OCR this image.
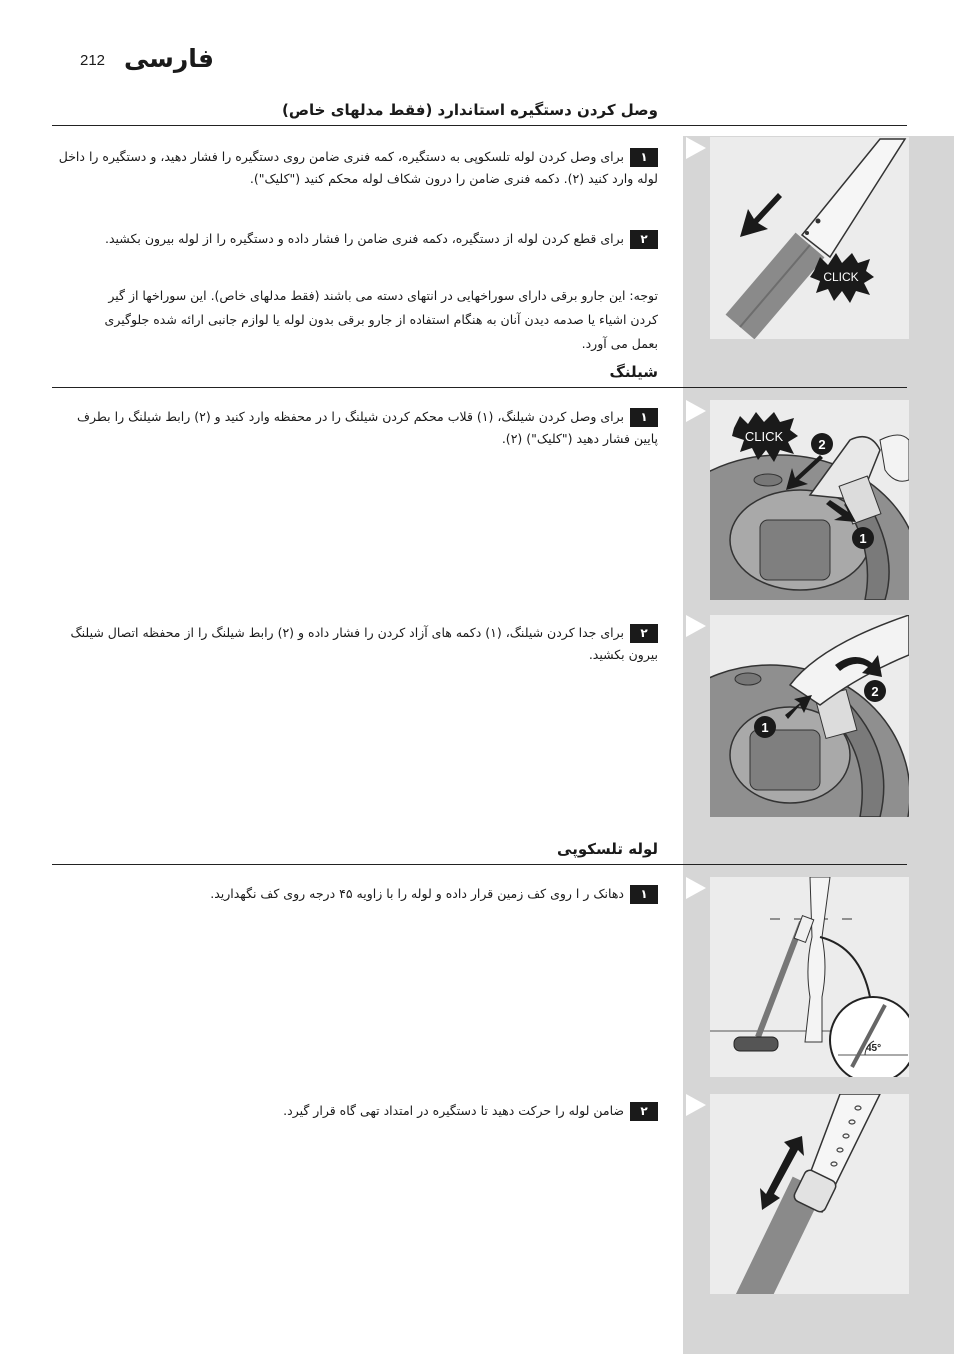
212 فارسی
وصل کردن دستگیره استاندارد (فقط مدلهای خاص)
١
برای وصل کردن لوله تلسکوپی به دستگیره، کمه فنری ضامن روی دستگیره را فشار دهید، و دستگیره را داخل لوله وارد کنید (٢). دکمه فنری ضامن را درون شکاف لوله محکم کنید ("کلیک").
٢
برای قطع کردن لوله از دستگیره، دکمه فنری ضامن را فشار داده و دستگیره را از لوله بیرون بکشید.
توجه: این جارو برقی دارای سوراخهایی در انتهای دسته می باشند (فقط مدلهای خاص). این سوراخها از گیر کردن اشیاء یا صدمه دیدن آنان به هنگام استفاده از جارو برقی بدون لوله یا لوازم جانبی ارائه شده جلوگیری بعمل می آورد.
CLICK
شیلنگ
١
برای وصل کردن شیلنگ، (١) قلاب محکم کردن شیلنگ را در محفظه وارد کنید و (٢) رابط شیلنگ را بطرف پایین فشار دهید ("کلیک") (٢).	CLICK
2
1
٢
برای جدا کردن شیلنگ، (١) دکمه های آزاد کردن را فشار داده و (٢) رابط شیلنگ را از محفظه اتصال شیلنگ بیرون بکشید.
2
1
لوله تلسکوپی
١
دهانک ر ا روی کف زمین قرار داده و لوله را با زاویه ۴۵ درجه روی کف نگهدارید.
45°
٢
ضامن لوله را حرکت دهید تا دستگیره در امتداد تهی گاه قرار گیرد.
